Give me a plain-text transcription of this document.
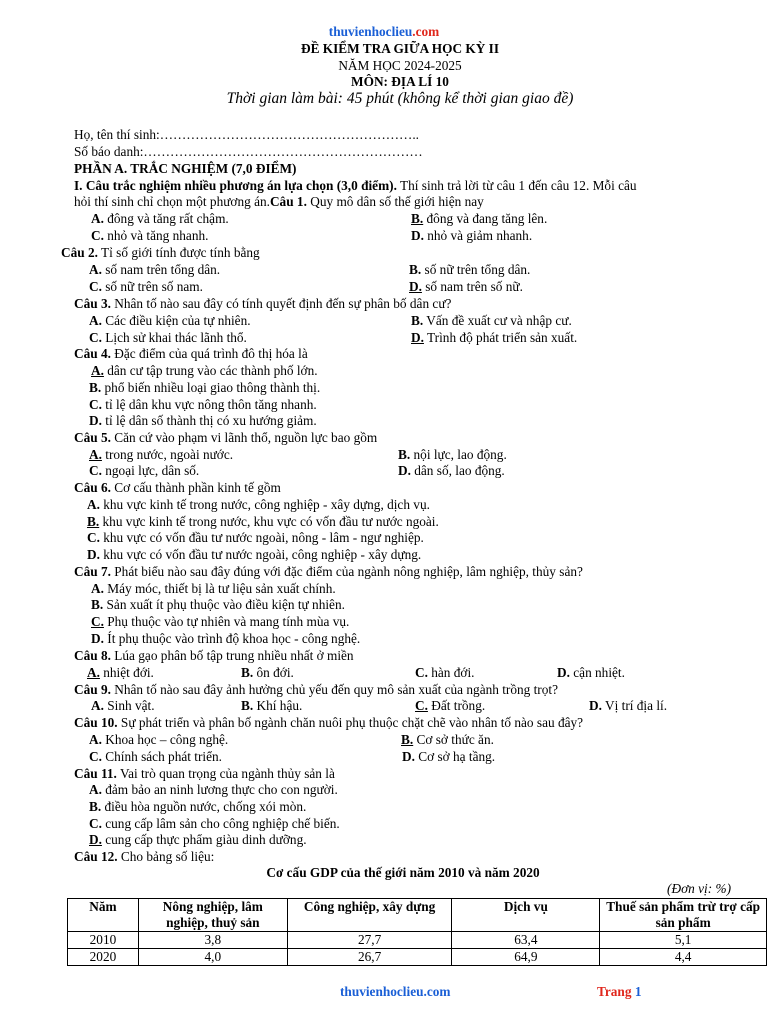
thuvienhoclieu.com
ĐỀ KIỂM TRA GIỮA HỌC KỲ II
NĂM HỌC 2024-2025
MÔN: ĐỊA LÍ 10
Thời gian làm bài: 45 phút (không kể thời gian giao đề)
Họ, tên thí sinh:…………………………………………………..
Số báo danh:………………………………………………………
PHẦN A. TRẮC NGHIỆM (7,0 ĐIỂM)
I. Câu trắc nghiệm nhiều phương án lựa chọn (3,0 điểm). Thí sinh trả lời từ câu 1 đến câu 12. Mỗi câu
hỏi thí sinh chỉ chọn một phương án.Câu 1. Quy mô dân số thế giới hiện nay
A. đông và tăng rất chậm.	B. đông và đang tăng lên.
C. nhỏ và tăng nhanh.	D. nhỏ và giảm nhanh.
Câu 2. Tỉ số giới tính được tính bằng
A. số nam trên tổng dân.	B. số nữ trên tổng dân.
C. số nữ trên số nam.	D. số nam trên số nữ.
Câu 3. Nhân tố nào sau đây có tính quyết định đến sự phân bố dân cư?
A. Các điều kiện của tự nhiên.	B. Vấn đề xuất cư và nhập cư.
C. Lịch sử khai thác lãnh thổ.	D. Trình độ phát triển sản xuất.
Câu 4. Đặc điểm của quá trình đô thị hóa là
A. dân cư tập trung vào các thành phố lớn.
B. phổ biến nhiều loại giao thông thành thị.
C. tỉ lệ dân khu vực nông thôn tăng nhanh.
D. tỉ lệ dân số thành thị có xu hướng giảm.
Câu 5. Căn cứ vào phạm vi lãnh thổ, nguồn lực bao gồm
A. trong nước, ngoài nước.	B. nội lực, lao động.
C. ngoại lực, dân số.	D. dân số, lao động.
Câu 6. Cơ cấu thành phần kinh tế gồm
A. khu vực kinh tế trong nước, công nghiệp - xây dựng, dịch vụ.
B. khu vực kinh tế trong nước, khu vực có vốn đầu tư nước ngoài.
C. khu vực có vốn đầu tư nước ngoài, nông - lâm - ngư nghiệp.
D. khu vực có vốn đầu tư nước ngoài, công nghiệp - xây dựng.
Câu 7. Phát biểu nào sau đây đúng với đặc điểm của ngành nông nghiệp, lâm nghiệp, thủy sản?
A. Máy móc, thiết bị là tư liệu sản xuất chính.
B. Sản xuất ít phụ thuộc vào điều kiện tự nhiên.
C. Phụ thuộc vào tự nhiên và mang tính mùa vụ.
D. Ít phụ thuộc vào trình độ khoa học - công nghệ.
Câu 8. Lúa gạo phân bố tập trung nhiều nhất ở miền
A. nhiệt đới.	B. ôn đới.	C. hàn đới.	D. cận nhiệt.
Câu 9. Nhân tố nào sau đây ảnh hưởng chủ yếu đến quy mô sản xuất của ngành trồng trọt?
A. Sinh vật.	B. Khí hậu.	C. Đất trồng.	D. Vị trí địa lí.
Câu 10. Sự phát triển và phân bố ngành chăn nuôi phụ thuộc chặt chẽ vào nhân tố nào sau đây?
A. Khoa học – công nghệ.	B. Cơ sở thức ăn.
C. Chính sách phát triển.	D. Cơ sở hạ tầng.
Câu 11. Vai trò quan trọng của ngành thủy sản là
A. đảm bảo an ninh lương thực cho con người.
B. điều hòa nguồn nước, chống xói mòn.
C. cung cấp lâm sản cho công nghiệp chế biến.
D. cung cấp thực phẩm giàu dinh dưỡng.
Câu 12. Cho bảng số liệu:
Cơ cấu GDP của thế giới năm 2010 và năm 2020
(Đơn vị: %)
Năm	Nông nghiệp, lâm nghiệp, thuỷ sản	Công nghiệp, xây dựng	Dịch vụ	Thuế sản phẩm trừ trợ cấp sản phẩm
2010	3,8	27,7	63,4	5,1
2020	4,0	26,7	64,9	4,4
thuvienhoclieu.com	Trang 1
